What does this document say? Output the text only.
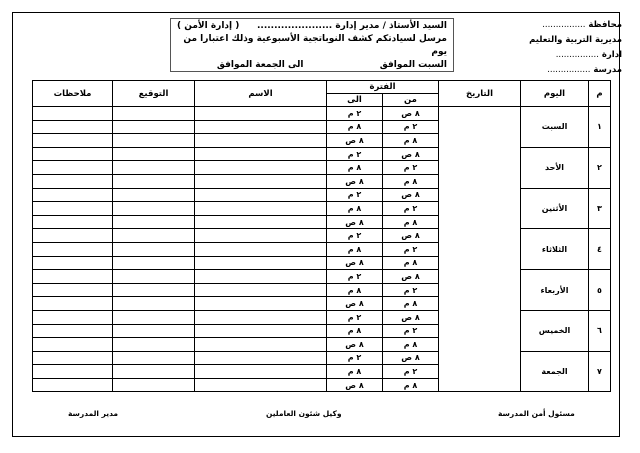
محافظة ................
مديرية التربية والتعليم
ادارة ................
مدرسة ................
السيد الأستاذ / مدير إدارة ......................
( إدارة الأمن )
مرسل لسيادتكم كشف النوباتجية الأسبوعية وذلك اعتبارا من يوم
السبت الموافق  الى الجمعة الموافق
م	اليوم	التاريخ	الفترة		الاسم	التوقيع	ملاحظات
			من	الى			
١	السبت		٨ ص	٢ م			
			٢ م	٨ م			
			٨ م	٨ ص			
٢	الأحد		٨ ص	٢ م			
			٢ م	٨ م			
			٨ م	٨ ص			
٣	الأثنين		٨ ص	٢ م			
			٢ م	٨ م			
			٨ م	٨ ص			
٤	الثلاثاء		٨ ص	٢ م			
			٢ م	٨ م			
			٨ م	٨ ص			
٥	الأربعاء		٨ ص	٢ م			
			٢ م	٨ م			
			٨ م	٨ ص			
٦	الخميس		٨ ص	٢ م			
			٢ م	٨ م			
			٨ م	٨ ص			
٧	الجمعة		٨ ص	٢ م			
			٢ م	٨ م			
			٨ م	٨ ص			
مسئول أمن المدرسة
وكيل شئون العاملين
مدير المدرسة
